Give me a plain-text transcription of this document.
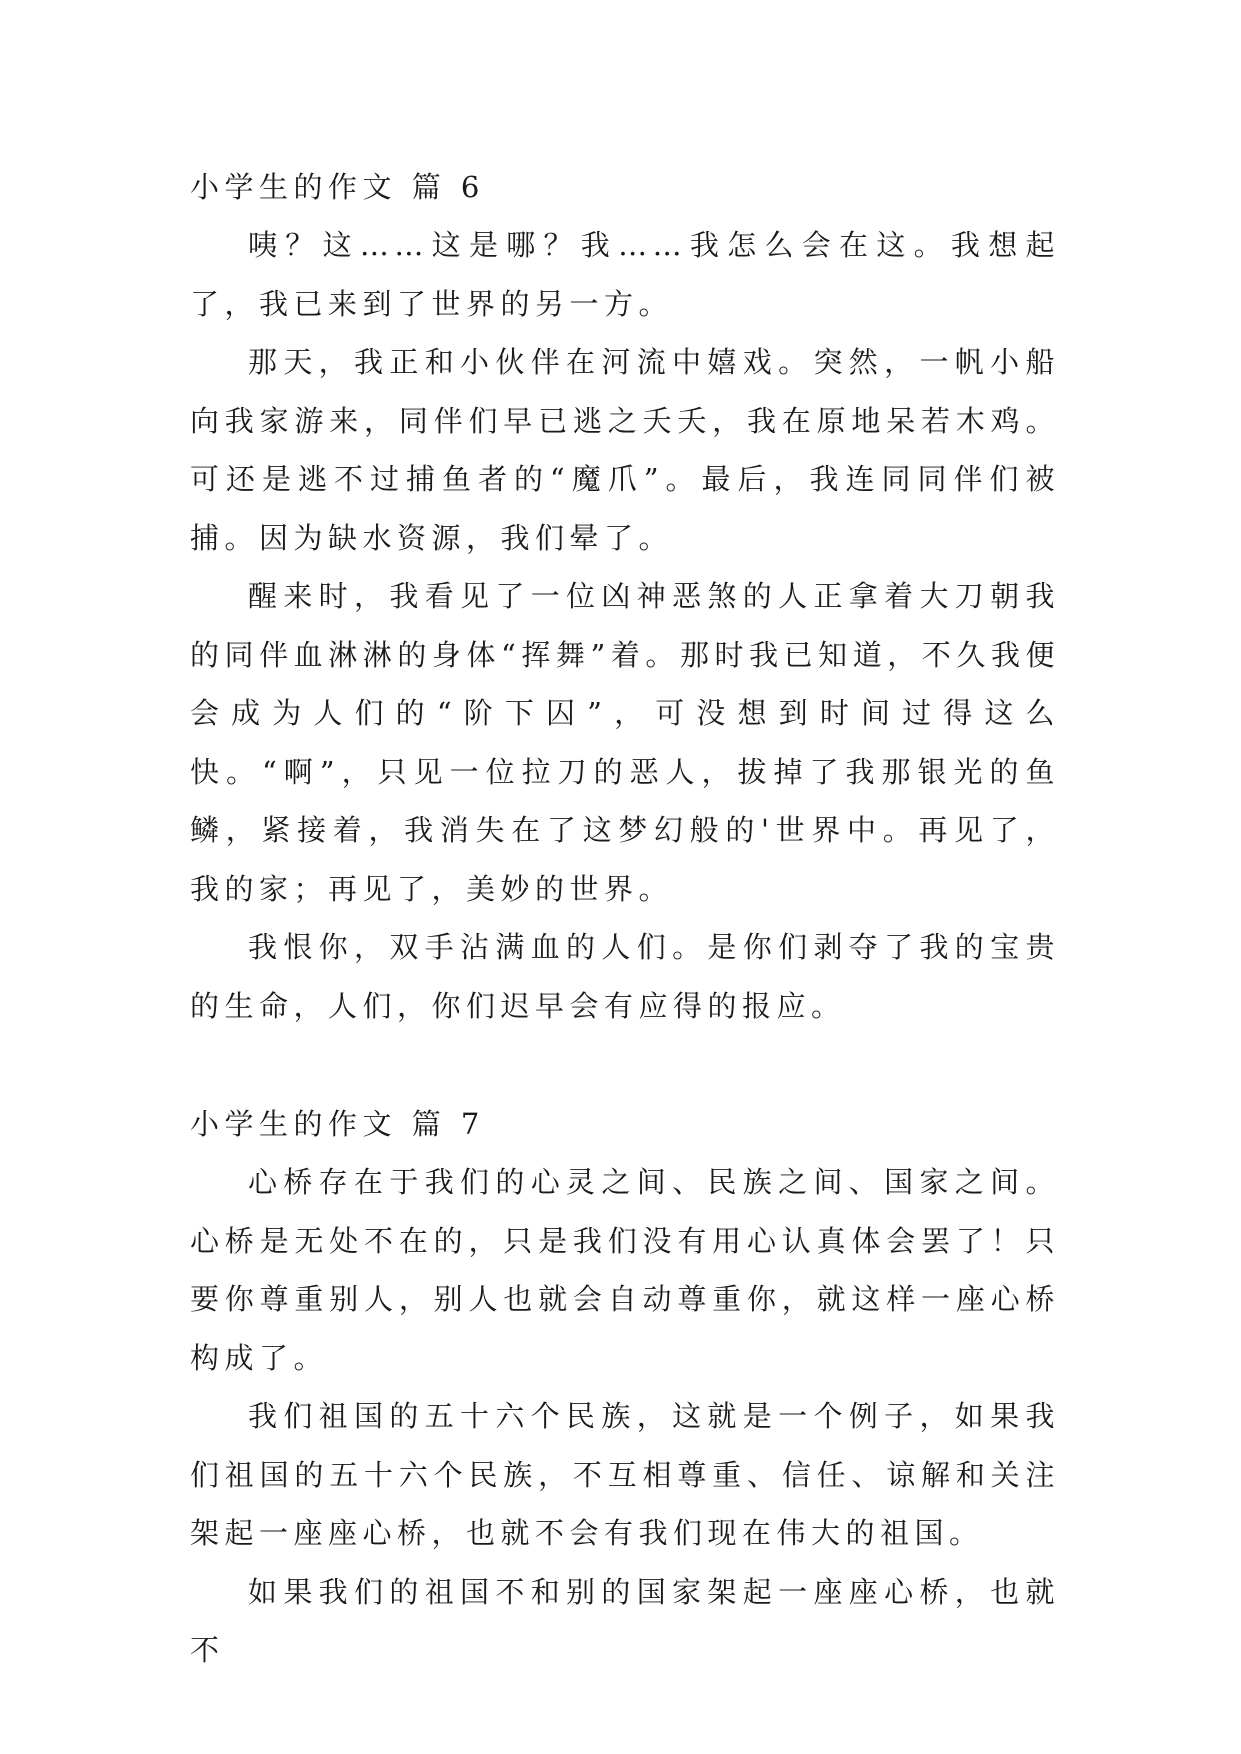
小学生的作文 篇 6

咦？这……这是哪？我……我怎么会在这。我想起了，我已来到了世界的另一方。

那天，我正和小伙伴在河流中嬉戏。突然，一帆小船向我家游来，同伴们早已逃之夭夭，我在原地呆若木鸡。可还是逃不过捕鱼者的“魔爪”。最后，我连同同伴们被捕。因为缺水资源，我们晕了。

醒来时，我看见了一位凶神恶煞的人正拿着大刀朝我的同伴血淋淋的身体“挥舞”着。那时我已知道，不久我便会成为人们的“阶下囚”，可没想到时间过得这么快。“啊”，只见一位拉刀的恶人，拔掉了我那银光的鱼鳞，紧接着，我消失在了这梦幻般的'世界中。再见了，我的家；再见了，美妙的世界。

我恨你，双手沾满血的人们。是你们剥夺了我的宝贵的生命，人们，你们迟早会有应得的报应。

小学生的作文 篇 7

心桥存在于我们的心灵之间、民族之间、国家之间。心桥是无处不在的，只是我们没有用心认真体会罢了！只要你尊重别人，别人也就会自动尊重你，就这样一座心桥构成了。

我们祖国的五十六个民族，这就是一个例子，如果我们祖国的五十六个民族，不互相尊重、信任、谅解和关注架起一座座心桥，也就不会有我们现在伟大的祖国。

如果我们的祖国不和别的国家架起一座座心桥，也就不
